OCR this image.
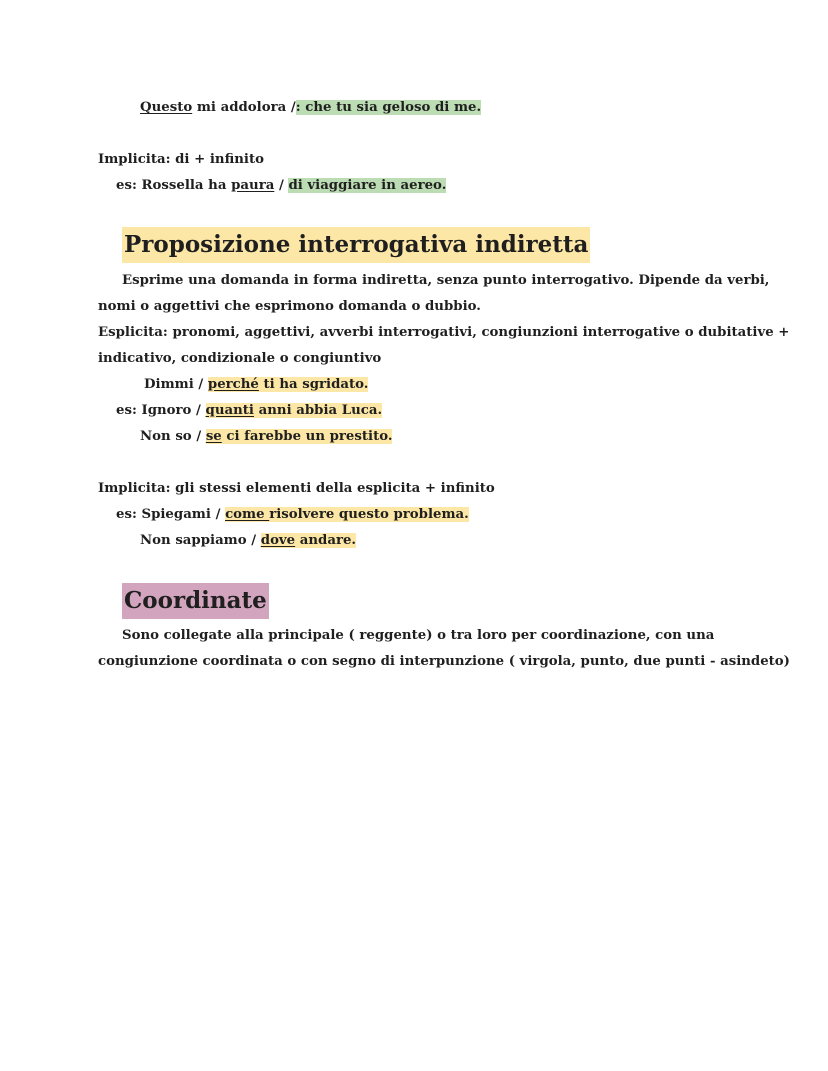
Questo mi addolora /: che tu sia geloso di me.
Implicita: di + infinito
es: Rossella ha paura / di viaggiare in aereo.
Proposizione interrogativa indiretta
Esprime una domanda in forma indiretta, senza punto interrogativo. Dipende da verbi,
nomi o aggettivi che esprimono domanda o dubbio.
Esplicita: pronomi, aggettivi, avverbi interrogativi, congiunzioni interrogative o dubitative +
indicativo, condizionale o congiuntivo
Dimmi / perché ti ha sgridato.
es: Ignoro / quanti anni abbia Luca.
Non so / se ci farebbe un prestito.
Implicita: gli stessi elementi della esplicita + infinito
es: Spiegami / come risolvere questo problema.
Non sappiamo / dove andare.
Coordinate
Sono collegate alla principale ( reggente) o tra loro per coordinazione, con una
congiunzione coordinata o con segno di interpunzione ( virgola, punto, due punti - asindeto)
